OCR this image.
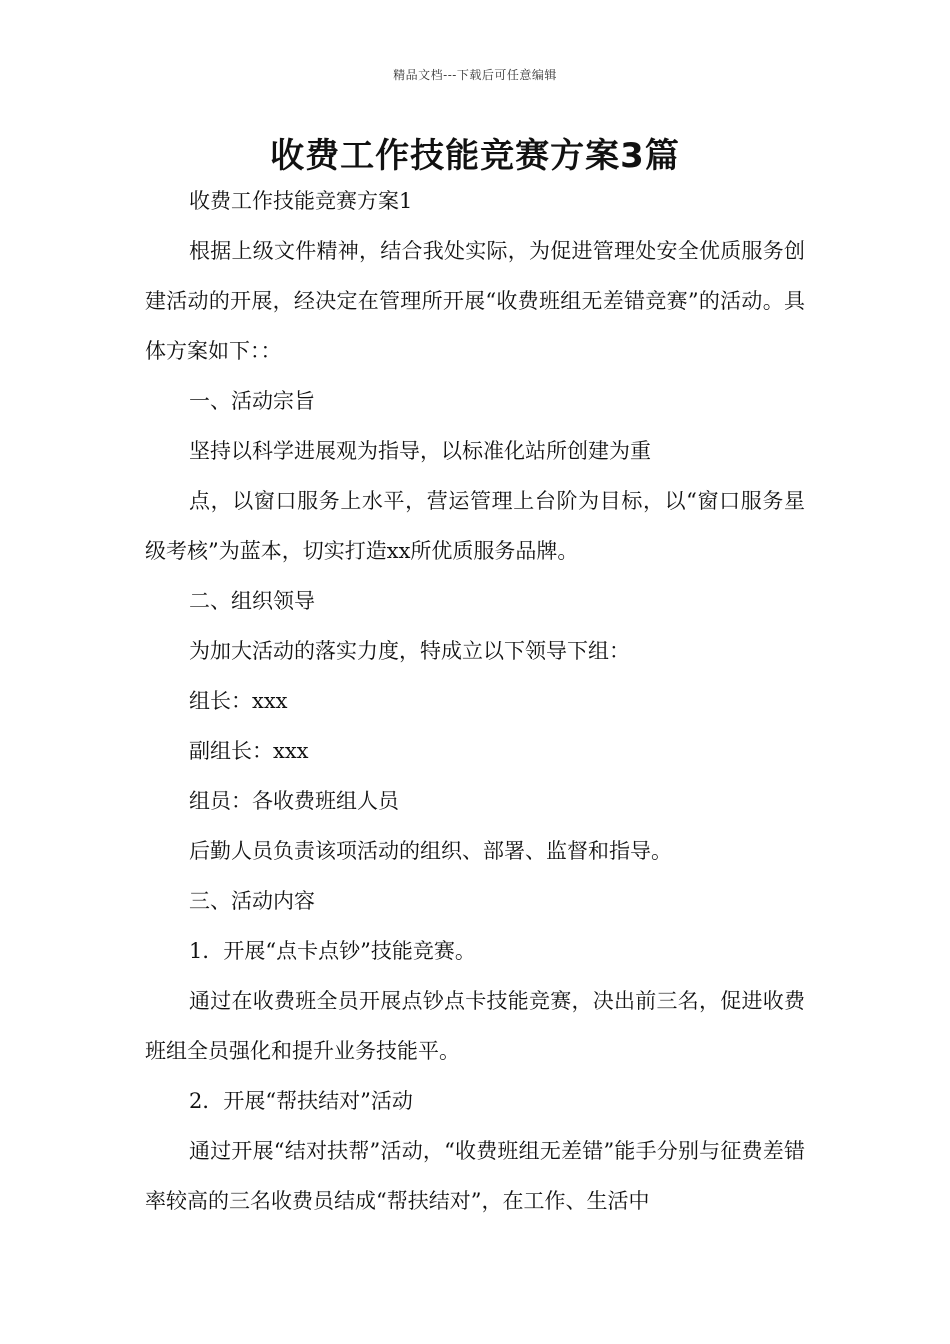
精品文档---下载后可任意编辑
收费工作技能竞赛方案3篇

收费工作技能竞赛方案1

根据上级文件精神，结合我处实际，为促进管理处安全优质服务创建活动的开展，经决定在管理所开展“收费班组无差错竞赛”的活动。具体方案如下：：

一、活动宗旨

坚持以科学进展观为指导，以标准化站所创建为重

点，以窗口服务上水平，营运管理上台阶为目标，以“窗口服务星级考核”为蓝本，切实打造xx所优质服务品牌。

二、组织领导

为加大活动的落实力度，特成立以下领导下组：

组长：xxx

副组长：xxx

组员：各收费班组人员

后勤人员负责该项活动的组织、部署、监督和指导。

三、活动内容

1．开展“点卡点钞”技能竞赛。

通过在收费班全员开展点钞点卡技能竞赛，决出前三名，促进收费班组全员强化和提升业务技能平。

2．开展“帮扶结对”活动

通过开展“结对扶帮”活动，“收费班组无差错”能手分别与征费差错率较高的三名收费员结成“帮扶结对”，在工作、生活中
